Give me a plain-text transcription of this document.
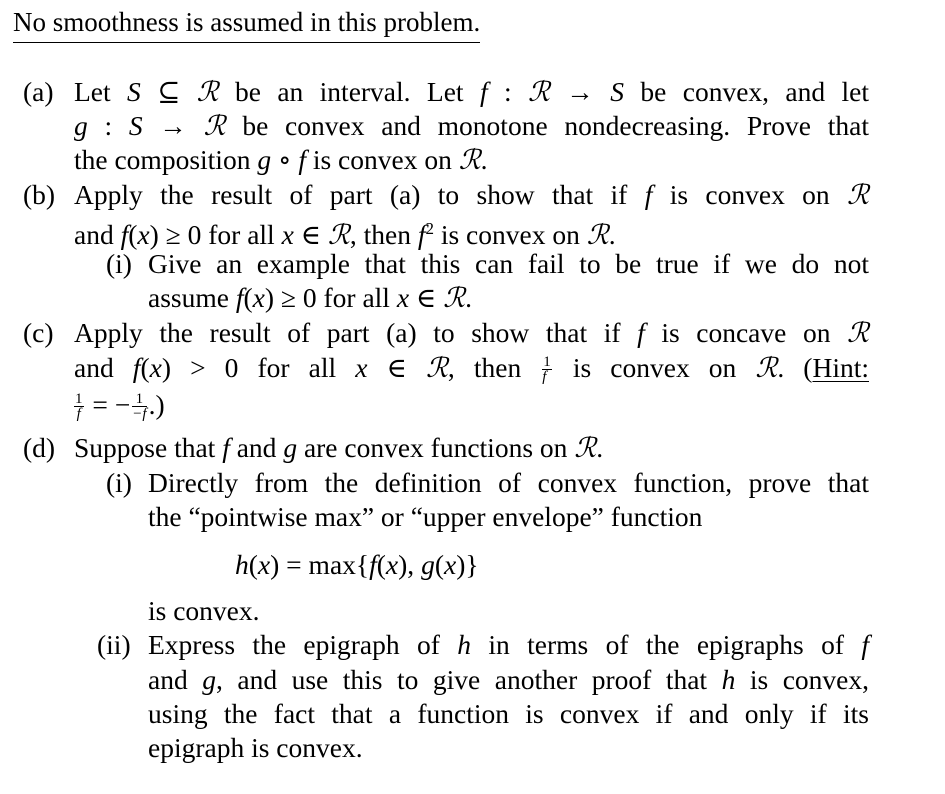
No smoothness is assumed in this problem.
(a) Let S ⊆ ℛ be an interval. Let f : ℛ → S be convex, and let
g : S → ℛ be convex and monotone nondecreasing. Prove that
the composition g ∘ f is convex on ℛ.
(b) Apply the result of part (a) to show that if f is convex on ℛ
and f(x) ≥ 0 for all x ∈ ℛ, then $f^2$ is convex on ℛ.
(i) Give an example that this can fail to be true if we do not
assume f(x) ≥ 0 for all x ∈ ℛ.
(c) Apply the result of part (a) to show that if f is concave on ℛ
and f(x) > 0 for all x ∈ ℛ, then $\frac{1}{f}$ is convex on ℛ. (Hint:
$\frac{1}{f}$ = − $\frac{1}{-f}$ .)
(d) Suppose that f and g are convex functions on ℛ.
(i) Directly from the definition of convex function, prove that
the “pointwise max” or “upper envelope” function
h(x) = max{f(x), g(x)}
is convex.
(ii) Express the epigraph of h in terms of the epigraphs of f
and g, and use this to give another proof that h is convex,
using the fact that a function is convex if and only if its
epigraph is convex.
